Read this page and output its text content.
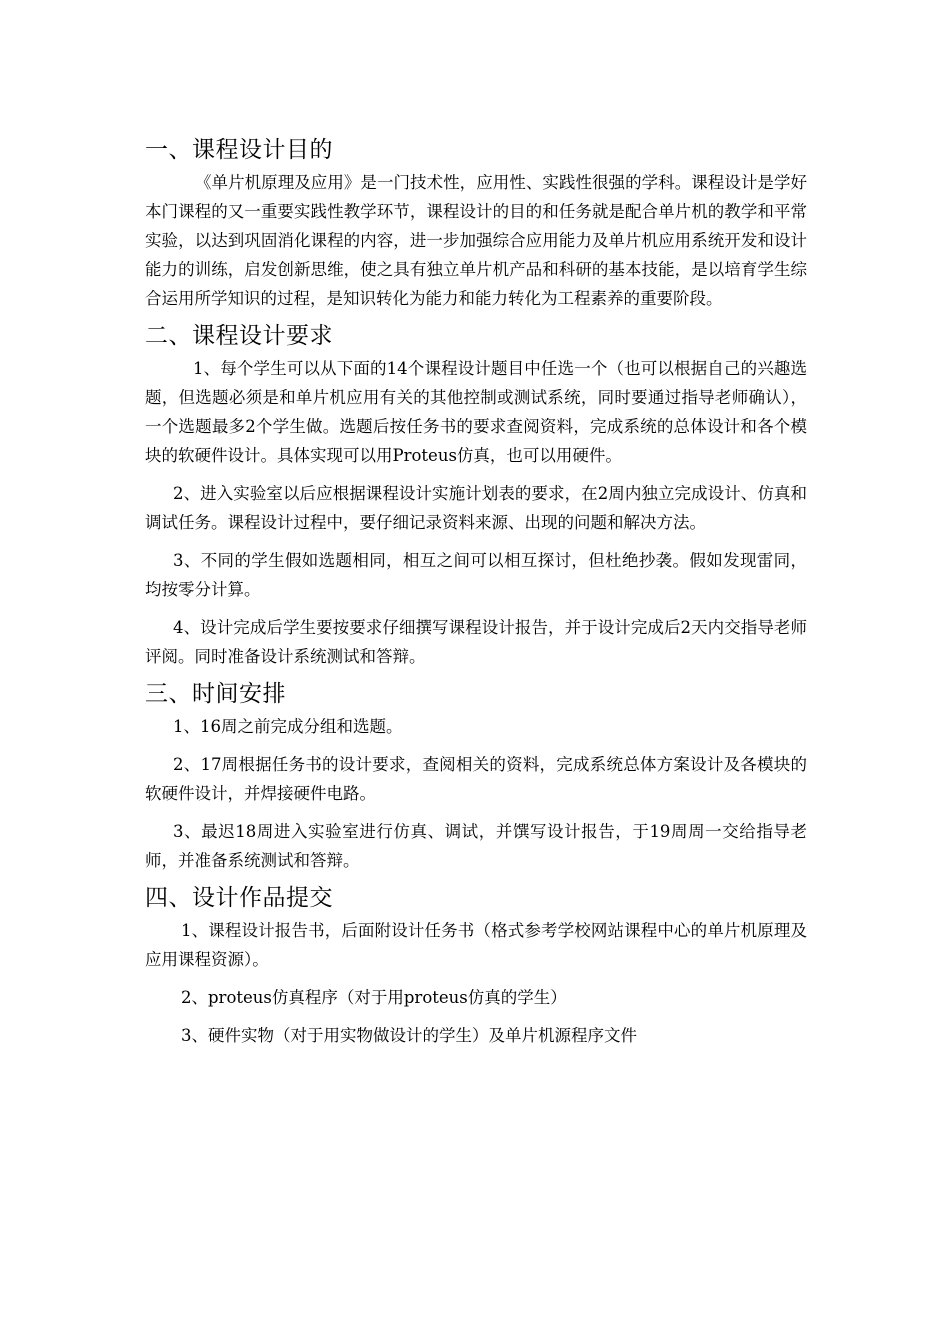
一、课程设计目的

《单片机原理及应用》是一门技术性，应用性、实践性很强的学科。课程设计是学好本门课程的又一重要实践性教学环节，课程设计的目的和任务就是配合单片机的教学和平常实验，以达到巩固消化课程的内容，进一步加强综合应用能力及单片机应用系统开发和设计能力的训练，启发创新思维，使之具有独立单片机产品和科研的基本技能，是以培育学生综合运用所学知识的过程，是知识转化为能力和能力转化为工程素养的重要阶段。

二、课程设计要求

1、每个学生可以从下面的14个课程设计题目中任选一个（也可以根据自己的兴趣选题，但选题必须是和单片机应用有关的其他控制或测试系统，同时要通过指导老师确认），一个选题最多2个学生做。选题后按任务书的要求查阅资料，完成系统的总体设计和各个模块的软硬件设计。具体实现可以用Proteus仿真，也可以用硬件。

2、进入实验室以后应根据课程设计实施计划表的要求，在2周内独立完成设计、仿真和调试任务。课程设计过程中，要仔细记录资料来源、出现的问题和解决方法。

3、不同的学生假如选题相同，相互之间可以相互探讨，但杜绝抄袭。假如发现雷同，均按零分计算。

4、设计完成后学生要按要求仔细撰写课程设计报告，并于设计完成后2天内交指导老师评阅。同时准备设计系统测试和答辩。

三、时间安排

1、16周之前完成分组和选题。

2、17周根据任务书的设计要求，查阅相关的资料，完成系统总体方案设计及各模块的软硬件设计，并焊接硬件电路。

3、最迟18周进入实验室进行仿真、调试，并馔写设计报告，于19周周一交给指导老师，并准备系统测试和答辩。

四、设计作品提交

1、课程设计报告书，后面附设计任务书（格式参考学校网站课程中心的单片机原理及应用课程资源）。

2、proteus仿真程序（对于用proteus仿真的学生）

3、硬件实物（对于用实物做设计的学生）及单片机源程序文件
